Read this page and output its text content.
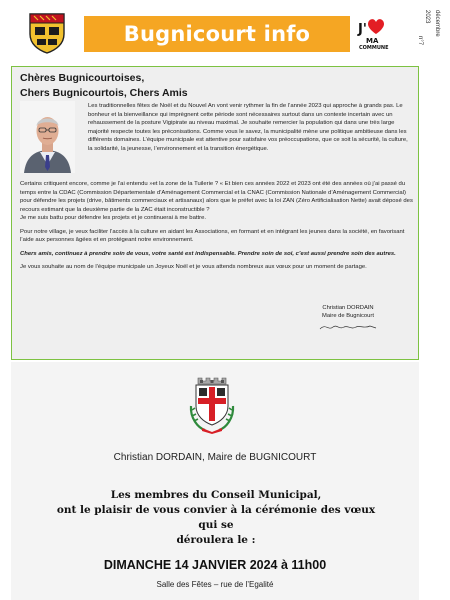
Bugnicourt info	J'
MA
COMMUNE
décembre
2023
n°7
Chères Bugnicourtoises,
Chers Bugnicourtois, Chers Amis
Les traditionnelles fêtes de Noël et du Nouvel An vont venir rythmer la fin de l’année 2023 qui approche à grands pas. Le bonheur et la bienveillance qui imprègnent cette période sont nécessaires surtout dans un contexte incertain avec un rehaussement de la posture Vigipirate au niveau maximal. Je souhaite remercier la population qui dans une très large majorité respecte toutes les préconisations. Comme vous le savez, la municipalité mène une politique ambitieuse dans les différents domaines. L’équipe municipale est attentive pour satisfaire vos préoccupations, que ce soit la sécurité, la culture, la solidarité, la jeunesse, l’environnement et la transition énergétique.

Certains critiquent encore, comme je l’ai entendu »et la zone de la Tuilerie ? « Et bien ces années 2022 et 2023 ont été des années où j’ai passé du temps entre la CDAC (Commission Départementale d’Aménagement Commercial et la CNAC (Commission Nationale d’Aménagement Commercial) pour défendre les projets (drive, bâtiments commerciaux et artisanaux) alors que le préfet avec la loi ZAN (Zéro Artificialisation Nette) avait déposé des recours estimant que la deuxième partie de la ZAC était inconstructible ?

Je me suis battu pour défendre les projets et je continuerai à me battre.

Pour notre village, je veux faciliter l’accès à la culture en aidant les Associations, en formant et en intégrant les jeunes dans la société, en favorisant l’aide aux personnes âgées et en protégeant notre environnement.

Chers amis, continuez à prendre soin de vous, votre santé est indispensable. Prendre soin de soi, c’est aussi prendre soin des autres.

Je vous souhaite au nom de l’équipe municipale un Joyeux Noël et je vous attends nombreux aux vœux pour un moment de partage.

Christian DORDAIN
Maire de Bugnicourt
Christian DORDAIN, Maire de BUGNICOURT
Les membres du Conseil Municipal,
ont le plaisir de vous convier à la cérémonie des vœux qui se
déroulera le :
DIMANCHE 14 JANVIER 2024 à 11h00
Salle des Fêtes – rue de l’Egalité
